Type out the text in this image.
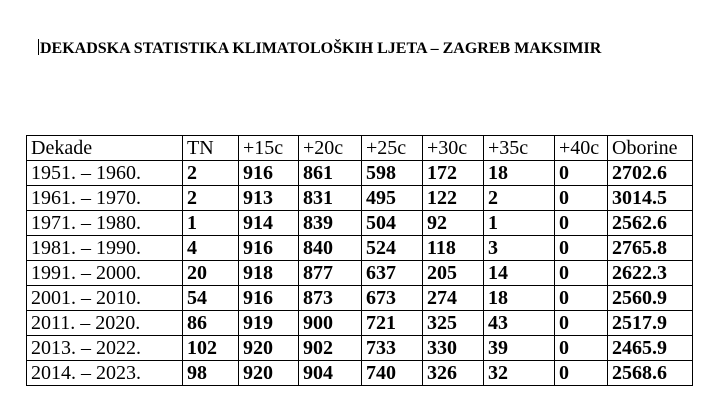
DEKADSKA STATISTIKA KLIMATOLOŠKIH LJETA – ZAGREB MAKSIMIR
Dekade	TN	+15c	+20c	+25c	+30c	+35c	+40c	Oborine
1951. – 1960.	2	916	861	598	172	18	0	2702.6
1961. – 1970.	2	913	831	495	122	2	0	3014.5
1971. – 1980.	1	914	839	504	92	1	0	2562.6
1981. – 1990.	4	916	840	524	118	3	0	2765.8
1991. – 2000.	20	918	877	637	205	14	0	2622.3
2001. – 2010.	54	916	873	673	274	18	0	2560.9
2011. – 2020.	86	919	900	721	325	43	0	2517.9
2013. – 2022.	102	920	902	733	330	39	0	2465.9
2014. – 2023.	98	920	904	740	326	32	0	2568.6
